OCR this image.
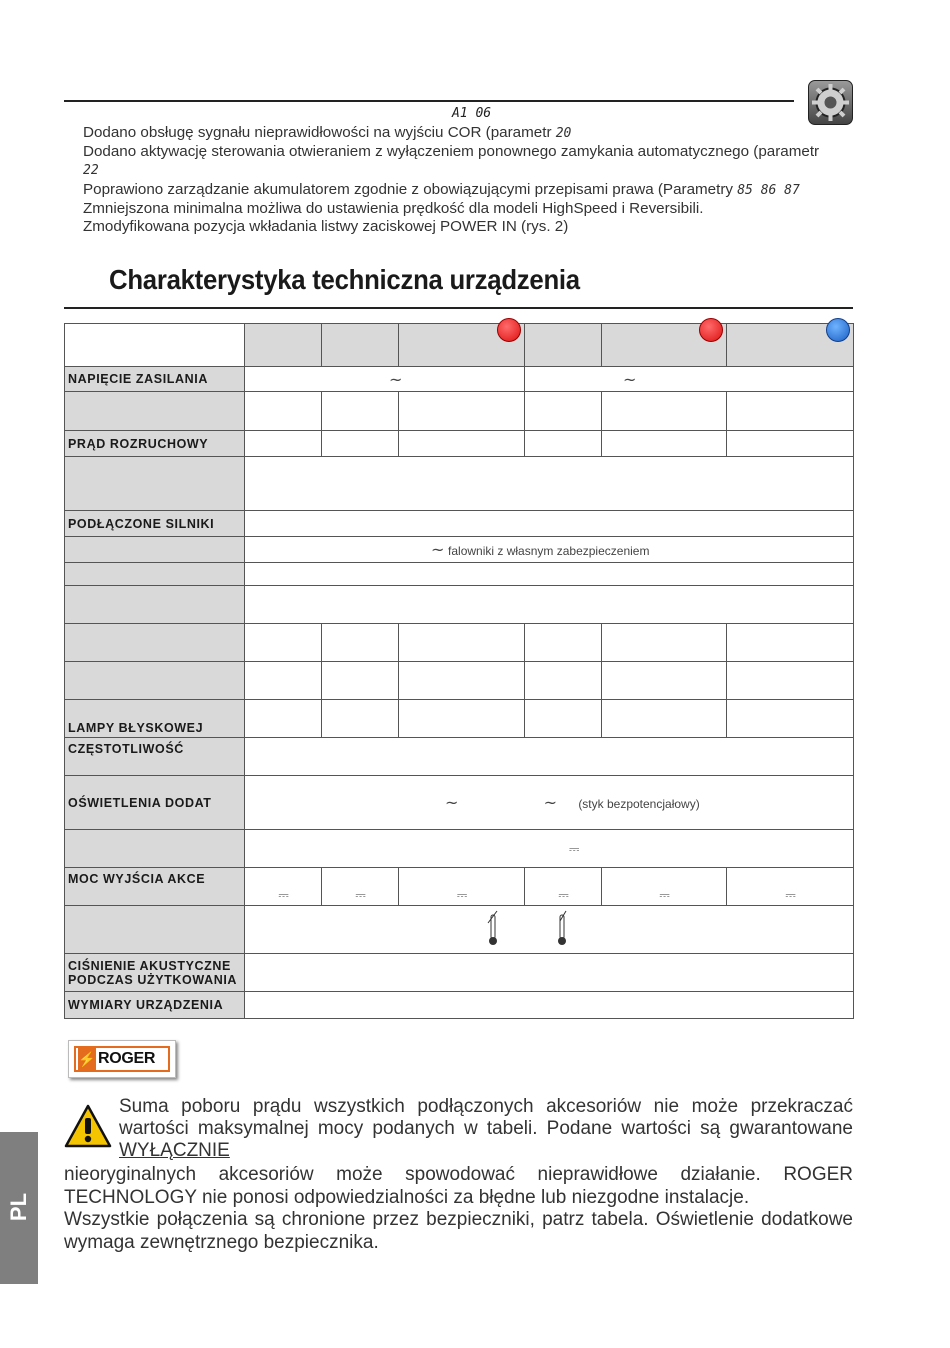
A1 06
Dodano obsługę sygnału nieprawidłowości na wyjściu COR (parametr 20
Dodano aktywację sterowania otwieraniem z wyłączeniem ponownego zamykania automatycznego (parametr
22
Poprawiono zarządzanie akumulatorem zgodnie z obowiązującymi przepisami prawa (Parametry 85 86 87
Zmniejszona minimalna możliwa do ustawienia prędkość dla modeli HighSpeed i Reversibili.
Zmodyfikowana pozycja wkładania listwy zaciskowej POWER IN (rys. 2)
Charakterystyka techniczna urządzenia

NAPIĘCIE ZASILANIA	~			~		

PRĄD ROZRUCHOWY						

PODŁĄCZONE SILNIKI						
	~ falowniki z własnym zabezpieczeniem					

LAMPY BŁYSKOWEJ						
CZĘSTOTLIWOŚĆ						
OŚWIETLENIA DODAT	~ ~ (styk bezpotencjałowy)					
	⎓					
MOC WYJŚCIA AKCE	⎓	⎓	⎓	⎓	⎓	⎓

CIŚNIENIE AKUSTYCZNE
PODCZAS UŻYTKOWANIA						

WYMIARY URZĄDZENIA						
⚡ ROGER
Suma poboru prądu wszystkich podłączonych akcesoriów nie może przekraczać wartości maksymalnej mocy podanych w tabeli. Podane wartości są gwarantowane WYŁĄCZNIE

nieoryginalnych akcesoriów może spowodować nieprawidłowe działanie. ROGER TECHNOLOGY nie ponosi odpowiedzialności za błędne lub niezgodne instalacje.

Wszystkie połączenia są chronione przez bezpieczniki, patrz tabela. Oświetlenie dodatkowe wymaga zewnętrznego bezpiecznika.

PL
